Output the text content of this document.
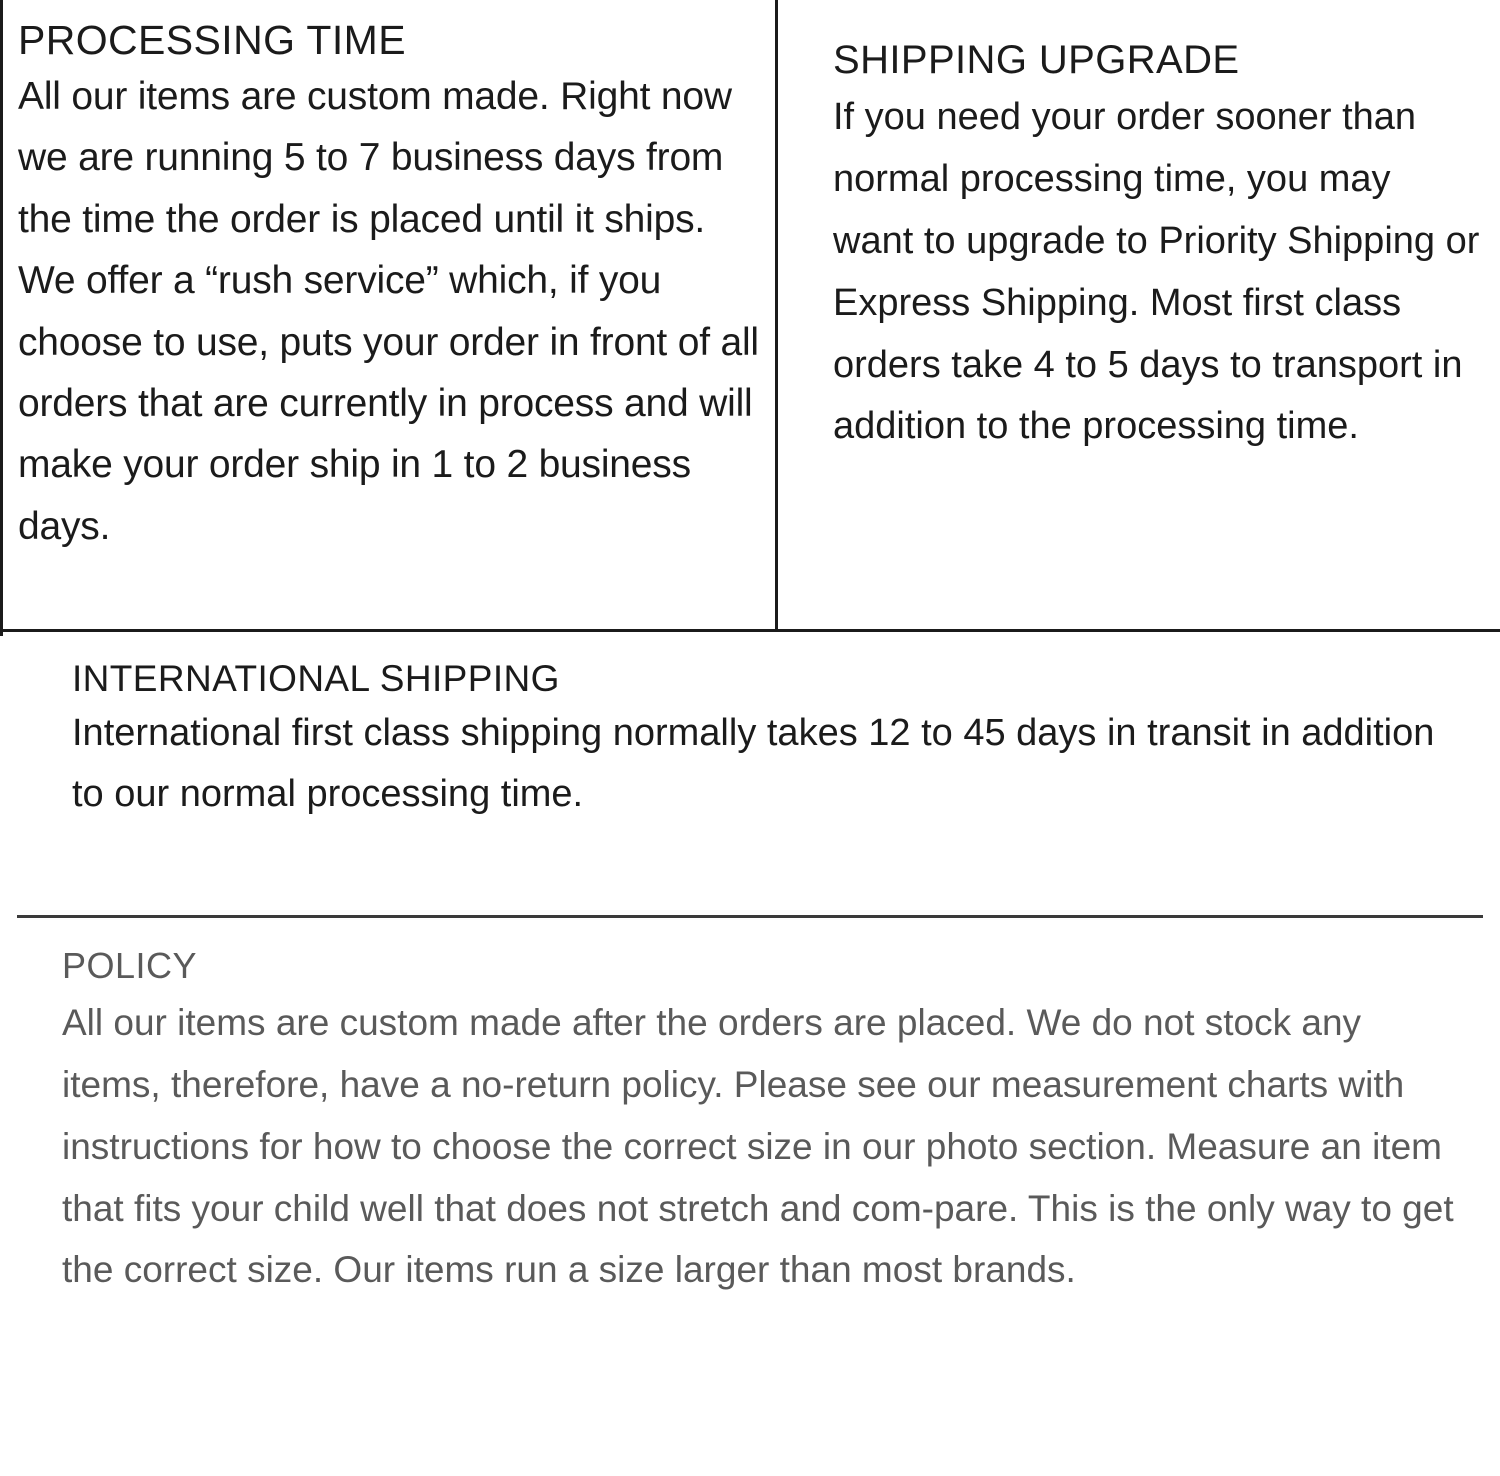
PROCESSING TIME

All our items are custom made. Right now we are running 5 to 7 business days from the time the order is placed until it ships. We offer a “rush service” which, if you choose to use, puts your order in front of all orders that are currently in process and will make your order ship in 1 to 2 business days.

SHIPPING UPGRADE

If you need your order sooner than normal processing time, you may want to upgrade to Priority Shipping or Express Shipping. Most first class orders take 4 to 5 days to transport in addition to the processing time.

INTERNATIONAL SHIPPING

International first class shipping normally takes 12 to 45 days in transit in addition to our normal processing time.

POLICY

All our items are custom made after the orders are placed. We do not stock any items, therefore, have a no-return policy. Please see our measurement charts with instructions for how to choose the correct size in our photo section. Measure an item that fits your child well that does not stretch and com-pare. This is the only way to get the correct size. Our items run a size larger than most brands.
